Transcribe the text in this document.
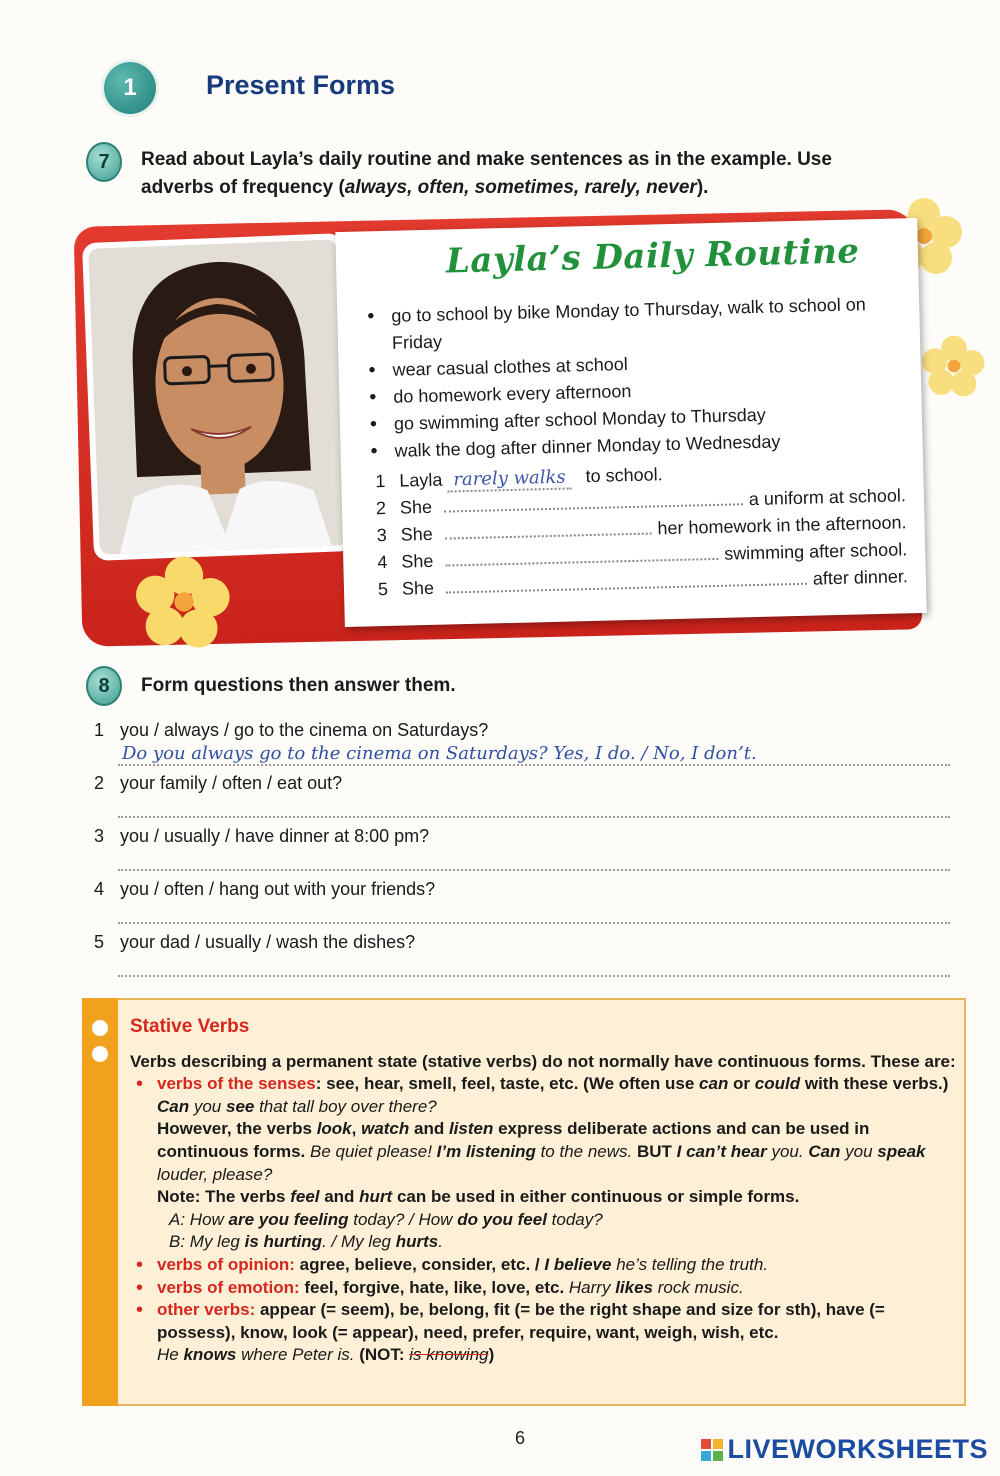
1	Present Forms
7	Read about Layla’s daily routine and make sentences as in the example. Use
adverbs of frequency (always, often, sometimes, rarely, never).
Layla’s Daily Routine
• go to school by bike Monday to Thursday, walk to school on Friday
• wear casual clothes at school
• do homework every afternoon
• go swimming after school Monday to Thursday
• walk the dog after dinner Monday to Wednesday
1 Layla rarely walks	to school.
2 She	a uniform at school.
3 She	her homework in the afternoon.
4 She	swimming after school.
5 She	after dinner.
8	Form questions then answer them.
1 you / always / go to the cinema on Saturdays?
Do you always go to the cinema on Saturdays? Yes, I do. / No, I don’t.
2 your family / often / eat out?
3 you / usually / have dinner at 8:00 pm?
4 you / often / hang out with your friends?
5 your dad / usually / wash the dishes?
Stative Verbs
Verbs describing a permanent state (stative verbs) do not normally have continuous forms. These are:
• verbs of the senses: see, hear, smell, feel, taste, etc. (We often use can or could with these verbs.) Can you see that tall boy over there?
However, the verbs look, watch and listen express deliberate actions and can be used in continuous forms. Be quiet please! I’m listening to the news. BUT I can’t hear you. Can you speak louder, please?
Note: The verbs feel and hurt can be used in either continuous or simple forms.
A: How are you feeling today? / How do you feel today?
B: My leg is hurting. / My leg hurts.
• verbs of opinion: agree, believe, consider, etc. / I believe he’s telling the truth.
• verbs of emotion: feel, forgive, hate, like, love, etc. Harry likes rock music.
• other verbs: appear (= seem), be, belong, fit (= be the right shape and size for sth), have (= possess), know, look (= appear), need, prefer, require, want, weigh, wish, etc.
He knows where Peter is. (NOT: is knowing)
6	LIVEWORKSHEETS
